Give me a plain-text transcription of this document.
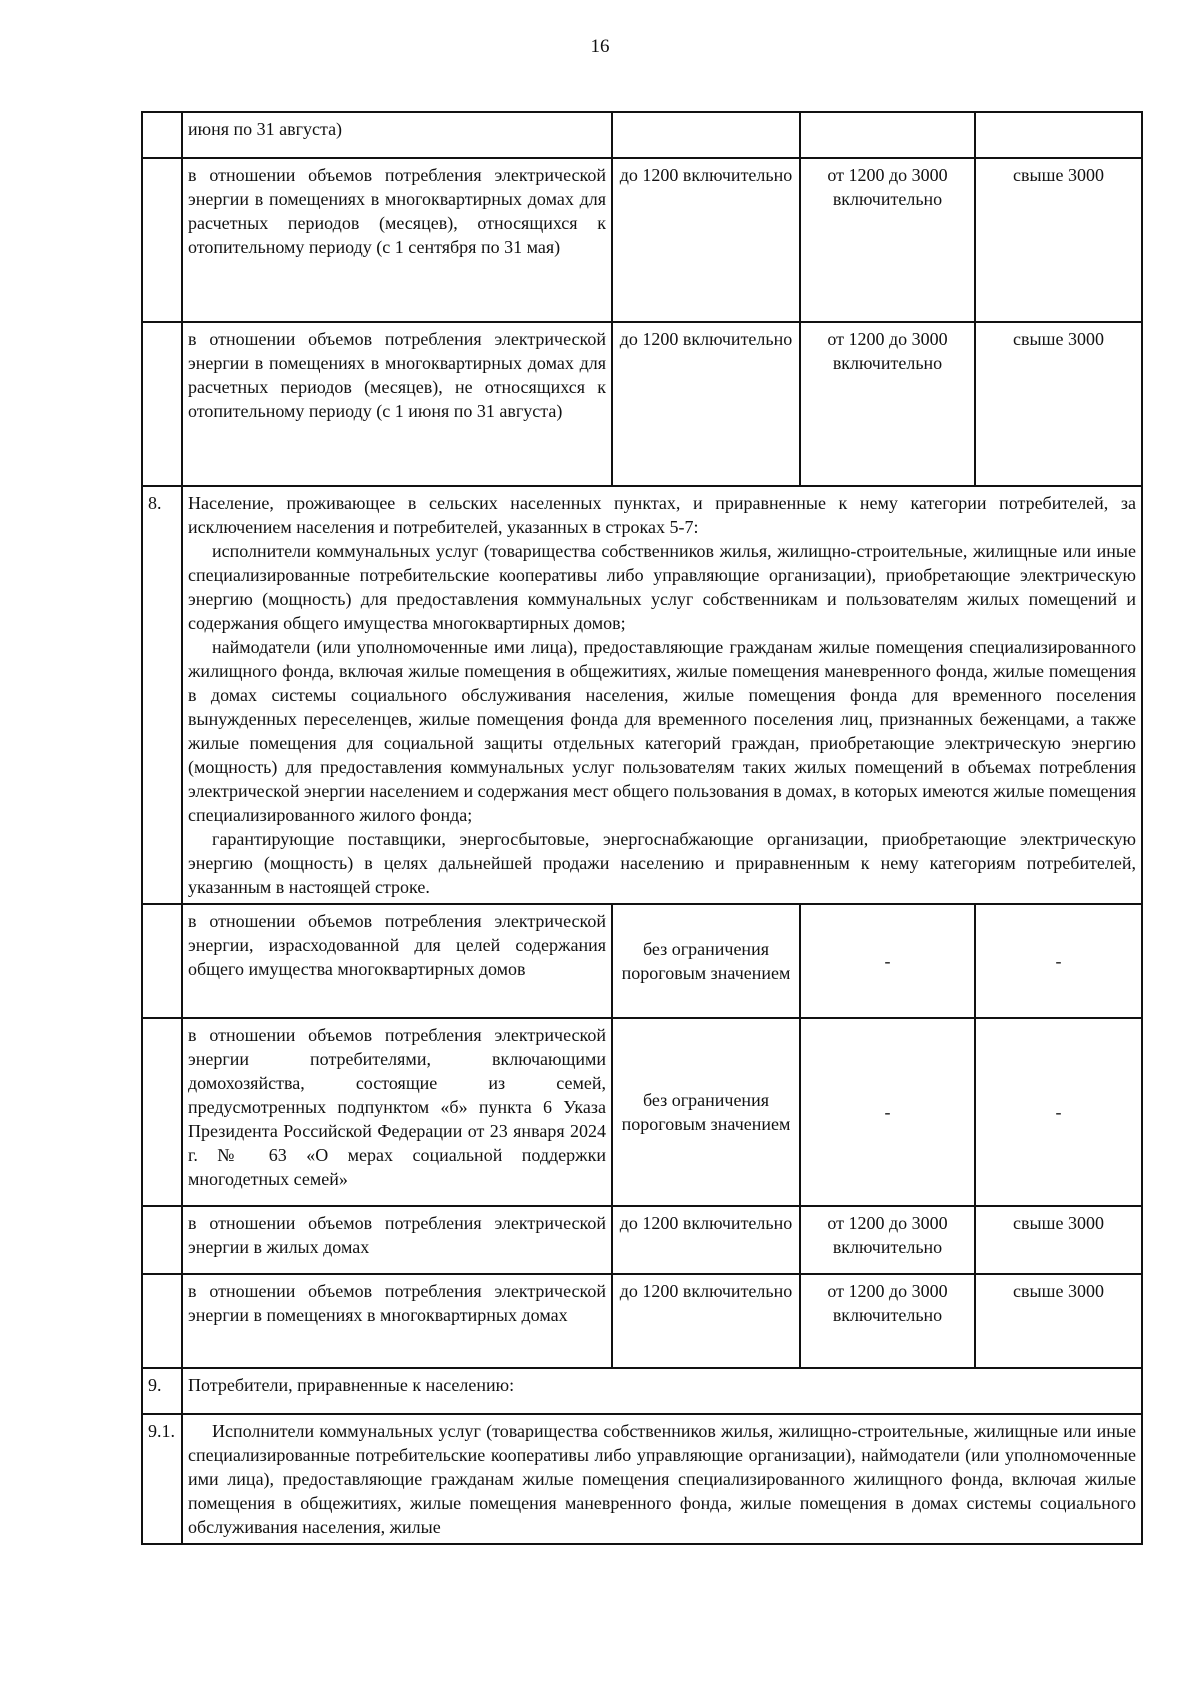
16
	июня по 31 августа)			
	в отношении объемов потребления электрической энергии в помещениях в многоквартирных домах для расчетных периодов (месяцев), относящихся к отопительному периоду (с 1 сентября по 31 мая)	до 1200 включительно	от 1200 до 3000 включительно	свыше 3000
	в отношении объемов потребления электрической энергии в помещениях в многоквартирных домах для расчетных периодов (месяцев), не относящихся к отопительному периоду (с 1 июня по 31 августа)	до 1200 включительно	от 1200 до 3000 включительно	свыше 3000
8.	Население, проживающее в сельских населенных пунктах, и приравненные к нему категории потребителей, за исключением населения и потребителей, указанных в строках 5-7:

исполнители коммунальных услуг (товарищества собственников жилья, жилищно-строительные, жилищные или иные специализированные потребительские кооперативы либо управляющие организации), приобретающие электрическую энергию (мощность) для предоставления коммунальных услуг собственникам и пользователям жилых помещений и содержания общего имущества многоквартирных домов;

наймодатели (или уполномоченные ими лица), предоставляющие гражданам жилые помещения специализированного жилищного фонда, включая жилые помещения в общежитиях, жилые помещения маневренного фонда, жилые помещения в домах системы социального обслуживания населения, жилые помещения фонда для временного поселения вынужденных переселенцев, жилые помещения фонда для временного поселения лиц, признанных беженцами, а также жилые помещения для социальной защиты отдельных категорий граждан, приобретающие электрическую энергию (мощность) для предоставления коммунальных услуг пользователям таких жилых помещений в объемах потребления электрической энергии населением и содержания мест общего пользования в домах, в которых имеются жилые помещения специализированного жилого фонда;

гарантирующие поставщики, энергосбытовые, энергоснабжающие организации, приобретающие электрическую энергию (мощность) в целях дальнейшей продажи населению и приравненным к нему категориям потребителей, указанным в настоящей строке.			

	в отношении объемов потребления электрической энергии, израсходованной для целей содержания общего имущества многоквартирных домов	без ограничения пороговым значением	-	-
	в отношении объемов потребления электрической энергии потребителями, включающими домохозяйства, состоящие из семей, предусмотренных подпунктом «б» пункта 6 Указа Президента Российской Федерации от 23 января 2024 г. № 63 «О мерах социальной поддержки многодетных семей»	без ограничения пороговым значением	-	-
	в отношении объемов потребления электрической энергии в жилых домах	до 1200 включительно	от 1200 до 3000 включительно	свыше 3000
	в отношении объемов потребления электрической энергии в помещениях в многоквартирных домах	до 1200 включительно	от 1200 до 3000 включительно	свыше 3000
9.	Потребители, приравненные к населению:			

9.1.	Исполнители коммунальных услуг (товарищества собственников жилья, жилищно-строительные, жилищные или иные специализированные потребительские кооперативы либо управляющие организации), наймодатели (или уполномоченные ими лица), предоставляющие гражданам жилые помещения специализированного жилищного фонда, включая жилые помещения в общежитиях, жилые помещения маневренного фонда, жилые помещения в домах системы социального обслуживания населения, жилые			
